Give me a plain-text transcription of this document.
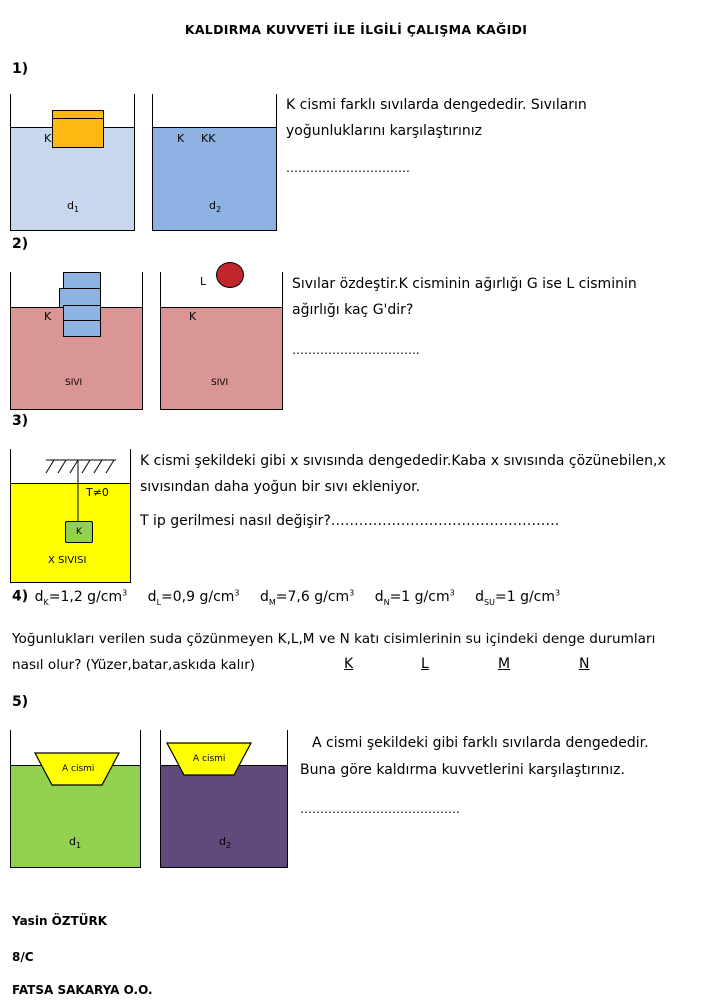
KALDIRMA KUVVETİ İLE İLGİLİ ÇALIŞMA KAĞIDI
1)
K
$d_1$
K KK
$d_2$
K cismi farklı sıvılarda dengededir. Sıvıların
yoğunluklarını karşılaştırınız
………………………….
2)
K
SIVI
K
SIVI
L	Sıvılar özdeştir.K cisminin ağırlığı G ise L cisminin
ağırlığı kaç G'dir?
…………………………..
3)
T≠0
K
X SIVISI
K cismi şekildeki gibi x sıvısında dengededir.Kaba x sıvısında çözünebilen,x
sıvısından daha yoğun bir sıvı ekleniyor.
T ip gerilmesi nasıl değişir?………………………………………….
4) $d_K=1,2$ $g/cm^3$ $d_L=0,9$ $g/cm^3$ $d_M=7,6$ $g/cm^3$ $d_N=1$ $g/cm^3$ $d_{SU}=1$ $g/cm^3$
Yoğunlukları verilen suda çözünmeyen K,L,M ve N katı cisimlerinin su içindeki denge durumları
nasıl olur? (Yüzer,batar,askıda kalır)	K	L	M	N
5)
$d_1$
A cismi
$d_2$
A cismi
A cismi şekildeki gibi farklı sıvılarda dengededir.
Buna göre kaldırma kuvvetlerini karşılaştırınız.
………………………………….
Yasin ÖZTÜRK
8/C
FATSA SAKARYA O.O.
